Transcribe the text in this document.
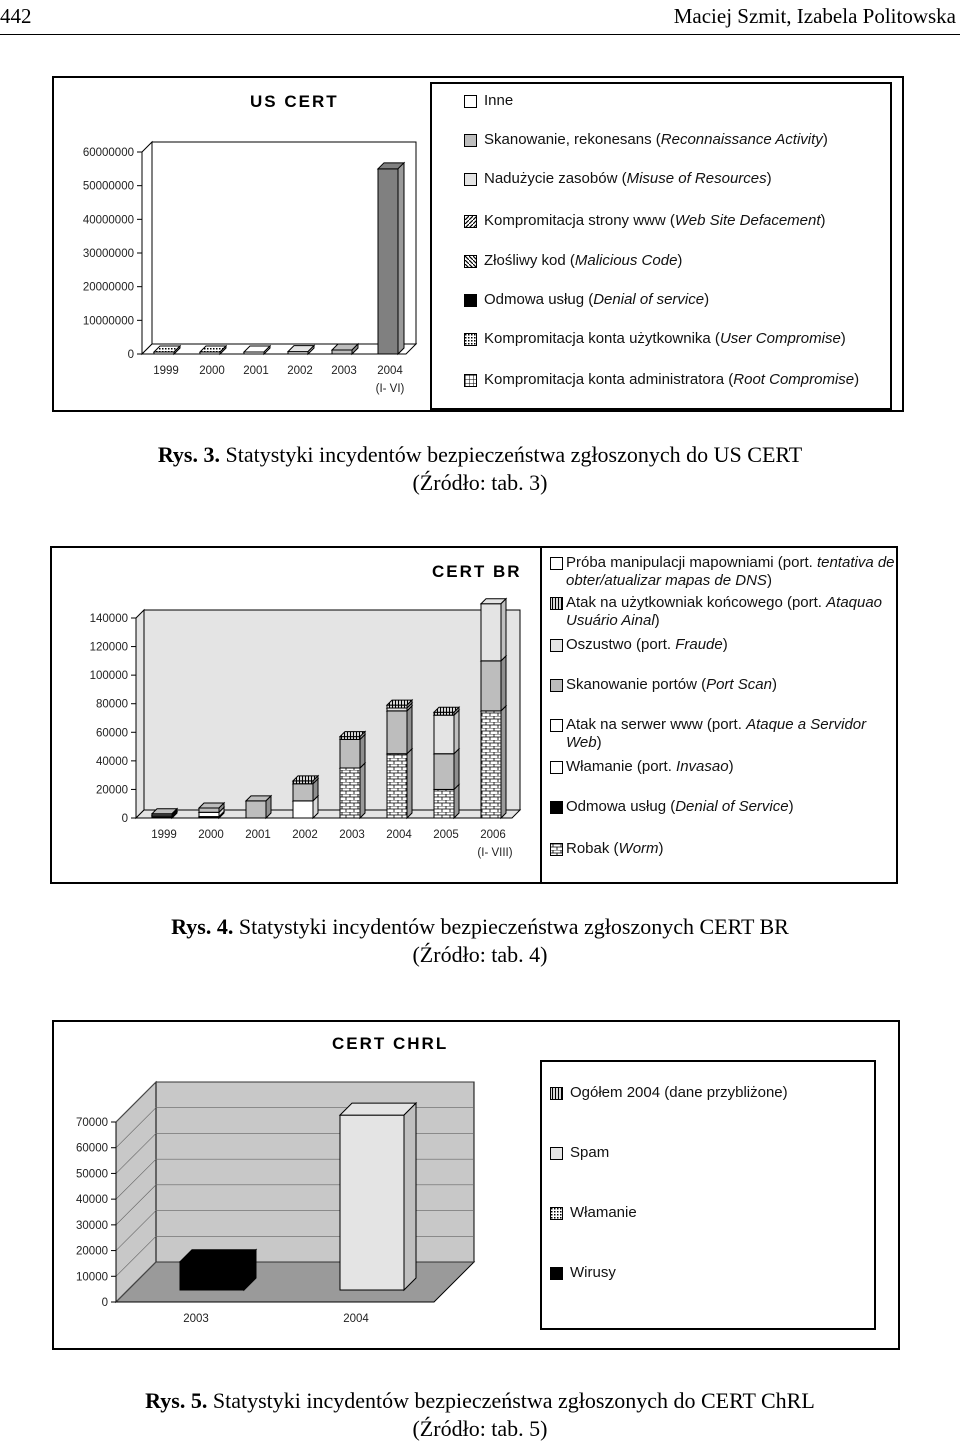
442	Maciej Szmit, Izabela Politowska
60000000
50000000
40000000
30000000
20000000
10000000
0
1999 2000 2001 2002 2003 2004
(I- VI)
US CERT	Inne
Skanowanie, rekonesans (Reconnaissance Activity)
Nadużycie zasobów (Misuse of Resources)
Kompromitacja strony www (Web Site Defacement)
Złośliwy kod (Malicious Code)
Odmowa usług (Denial of service)
Kompromitacja konta użytkownika (User Compromise)
Kompromitacja konta administratora (Root Compromise)
Rys. 3. Statystyki incydentów bezpieczeństwa zgłoszonych do US CERT
(Źródło: tab. 3)
140000
120000
100000
80000
60000
40000
20000
0
1999 2000 2001 2002 2003 2004 2005 2006
(I- VIII)
CERT BR	Próba manipulacji mapowniami (port. tentativa de obter/atualizar mapas de DNS)
Atak na użytkowniak końcowego (port. Ataquao Usuário Ainal)
Oszustwo (port. Fraude)
Skanowanie portów (Port Scan)
Atak na serwer www (port. Ataque a Servidor Web)
Włamanie (port. Invasao)
Odmowa usług (Denial of Service)
Robak (Worm)
Rys. 4. Statystyki incydentów bezpieczeństwa zgłoszonych CERT BR
(Źródło: tab. 4)
70000
60000
50000
40000
30000
20000
10000
0
2003	2004
CERT CHRL
Ogółem 2004 (dane przybliżone)
Spam
Włamanie
Wirusy
Rys. 5. Statystyki incydentów bezpieczeństwa zgłoszonych do CERT ChRL
(Źródło: tab. 5)
